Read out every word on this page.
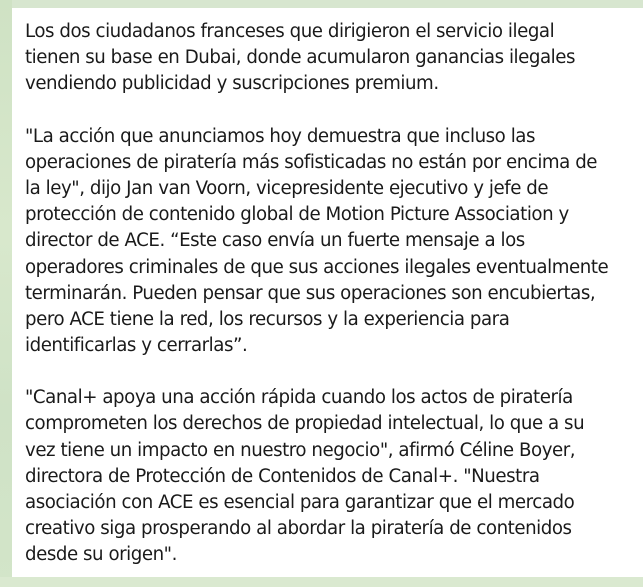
Los dos ciudadanos franceses que dirigieron el servicio ilegal
tienen su base en Dubai, donde acumularon ganancias ilegales
vendiendo publicidad y suscripciones premium.
"La acción que anunciamos hoy demuestra que incluso las
operaciones de piratería más sofisticadas no están por encima de
la ley", dijo Jan van Voorn, vicepresidente ejecutivo y jefe de
protección de contenido global de Motion Picture Association y
director de ACE. “Este caso envía un fuerte mensaje a los
operadores criminales de que sus acciones ilegales eventualmente
terminarán. Pueden pensar que sus operaciones son encubiertas,
pero ACE tiene la red, los recursos y la experiencia para
identificarlas y cerrarlas”.
"Canal+ apoya una acción rápida cuando los actos de piratería
comprometen los derechos de propiedad intelectual, lo que a su
vez tiene un impacto en nuestro negocio", afirmó Céline Boyer,
directora de Protección de Contenidos de Canal+. "Nuestra
asociación con ACE es esencial para garantizar que el mercado
creativo siga prosperando al abordar la piratería de contenidos
desde su origen".
